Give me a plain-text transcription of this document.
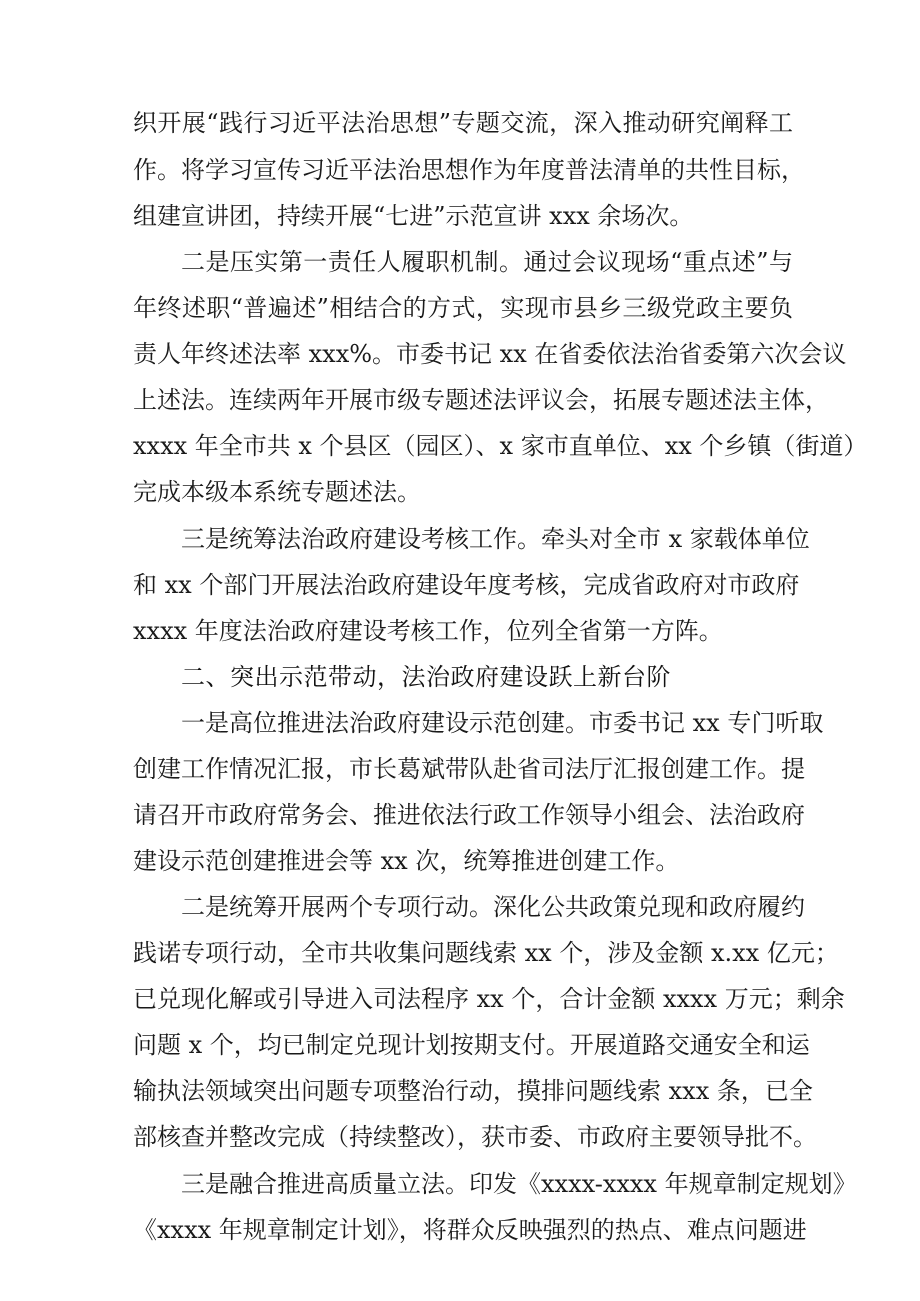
织开展“践行习近平法治思想”专题交流，深入推动研究阐释工
作。将学习宣传习近平法治思想作为年度普法清单的共性目标，
组建宣讲团，持续开展“七进”示范宣讲 xxx 余场次。
二是压实第一责任人履职机制。通过会议现场“重点述”与
年终述职“普遍述”相结合的方式，实现市县乡三级党政主要负
责人年终述法率 xxx%。市委书记 xx 在省委依法治省委第六次会议
上述法。连续两年开展市级专题述法评议会，拓展专题述法主体，
xxxx 年全市共 x 个县区（园区）、x 家市直单位、xx 个乡镇（街道）
完成本级本系统专题述法。
三是统筹法治政府建设考核工作。牵头对全市 x 家载体单位
和 xx 个部门开展法治政府建设年度考核，完成省政府对市政府
xxxx 年度法治政府建设考核工作，位列全省第一方阵。
二、突出示范带动，法治政府建设跃上新台阶
一是高位推进法治政府建设示范创建。市委书记 xx 专门听取
创建工作情况汇报，市长葛斌带队赴省司法厅汇报创建工作。提
请召开市政府常务会、推进依法行政工作领导小组会、法治政府
建设示范创建推进会等 xx 次，统筹推进创建工作。
二是统筹开展两个专项行动。深化公共政策兑现和政府履约
践诺专项行动，全市共收集问题线索 xx 个，涉及金额 x.xx 亿元；
已兑现化解或引导进入司法程序 xx 个，合计金额 xxxx 万元；剩余
问题 x 个，均已制定兑现计划按期支付。开展道路交通安全和运
输执法领域突出问题专项整治行动，摸排问题线索 xxx 条，已全
部核查并整改完成（持续整改），获市委、市政府主要领导批不。
三是融合推进高质量立法。印发《xxxx-xxxx 年规章制定规划》
《xxxx 年规章制定计划》，将群众反映强烈的热点、难点问题进
